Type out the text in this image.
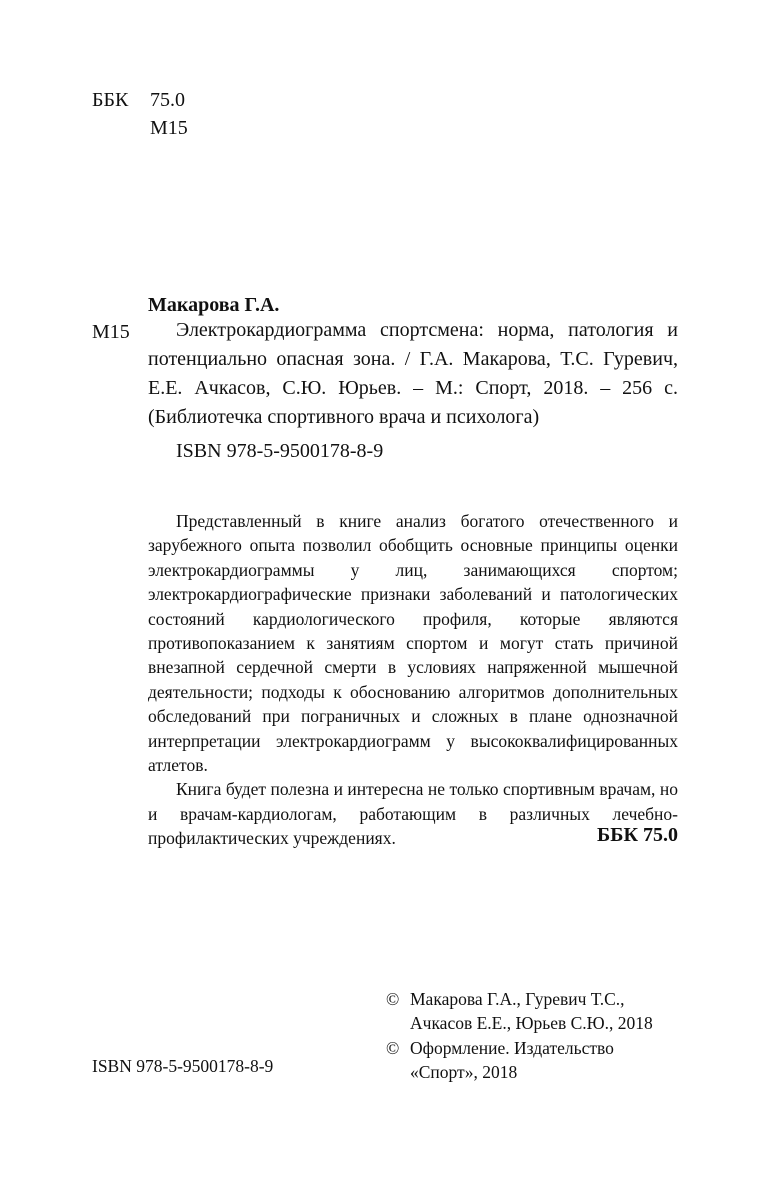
ББК 75.0
М15
Макарова Г.А.
М15	Электрокардиограмма спортсмена: норма, патология и потенциально опасная зона. / Г.А. Макарова, Т.С. Гуревич, Е.Е. Ачкасов, С.Ю. Юрьев. – М.: Спорт, 2018. – 256 с. (Библиотечка спортивного врача и психолога)

ISBN 978-5-9500178-8-9

Представленный в книге анализ богатого отечественного и зарубежного опыта позволил обобщить основные принципы оценки электрокардиограммы у лиц, занимающихся спортом; электрокардиографические признаки заболеваний и патологических состояний кардиологического профиля, которые являются противопоказанием к занятиям спортом и могут стать причиной внезапной сердечной смерти в условиях напряженной мышечной деятельности; подходы к обоснованию алгоритмов дополнительных обследований при пограничных и сложных в плане однозначной интерпретации электрокардиограмм у высококвалифицированных атлетов.

Книга будет полезна и интересна не только спортивным врачам, но и врачам-кардиологам, работающим в различных лечебно-профилактических учреждениях.	ББК 75.0
ISBN 978-5-9500178-8-9
© Макарова Г.А., Гуревич Т.С., Ачкасов Е.Е., Юрьев С.Ю., 2018
© Оформление. Издательство «Спорт», 2018
